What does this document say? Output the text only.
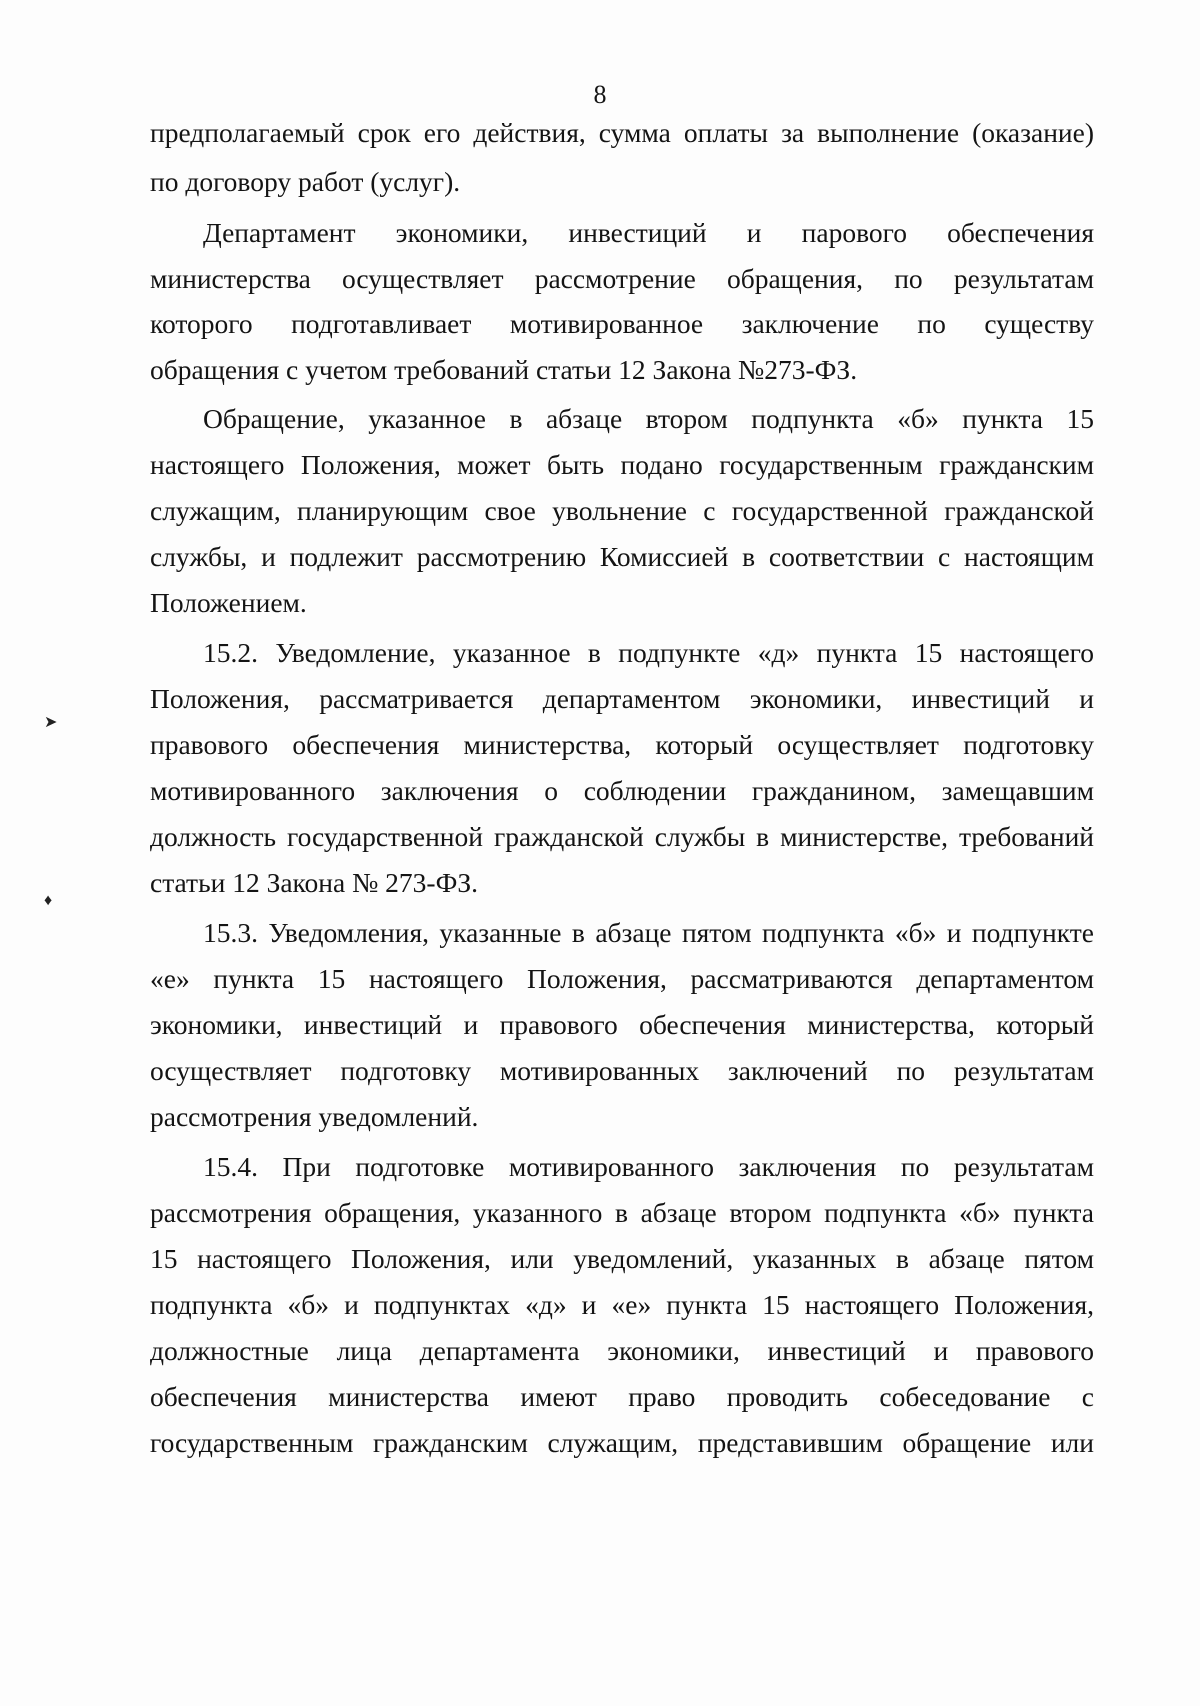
8
предполагаемый срок его действия, сумма оплаты за выполнение (оказание)
по договору работ (услуг).
Департамент экономики, инвестиций и парового обеспечения
министерства осуществляет рассмотрение обращения, по результатам
которого подготавливает мотивированное заключение по существу
обращения с учетом требований статьи 12 Закона №273-ФЗ.
Обращение, указанное в абзаце втором подпункта «б» пункта 15
настоящего Положения, может быть подано государственным гражданским
служащим, планирующим свое увольнение с государственной гражданской
службы, и подлежит рассмотрению Комиссией в соответствии с настоящим
Положением.
15.2. Уведомление, указанное в подпункте «д» пункта 15 настоящего
Положения, рассматривается департаментом экономики, инвестиций и
правового обеспечения министерства, который осуществляет подготовку
мотивированного заключения о соблюдении гражданином, замещавшим
должность государственной гражданской службы в министерстве, требований
статьи 12 Закона № 273-ФЗ.
15.3. Уведомления, указанные в абзаце пятом подпункта «б» и подпункте
«е» пункта 15 настоящего Положения, рассматриваются департаментом
экономики, инвестиций и правового обеспечения министерства, который
осуществляет подготовку мотивированных заключений по результатам
рассмотрения уведомлений.
15.4. При подготовке мотивированного заключения по результатам
рассмотрения обращения, указанного в абзаце втором подпункта «б» пункта
15 настоящего Положения, или уведомлений, указанных в абзаце пятом
подпункта «б» и подпунктах «д» и «е» пункта 15 настоящего Положения,
должностные лица департамента экономики, инвестиций и правового
обеспечения министерства имеют право проводить собеседование с
государственным гражданским служащим, представившим обращение или
➤
♦
